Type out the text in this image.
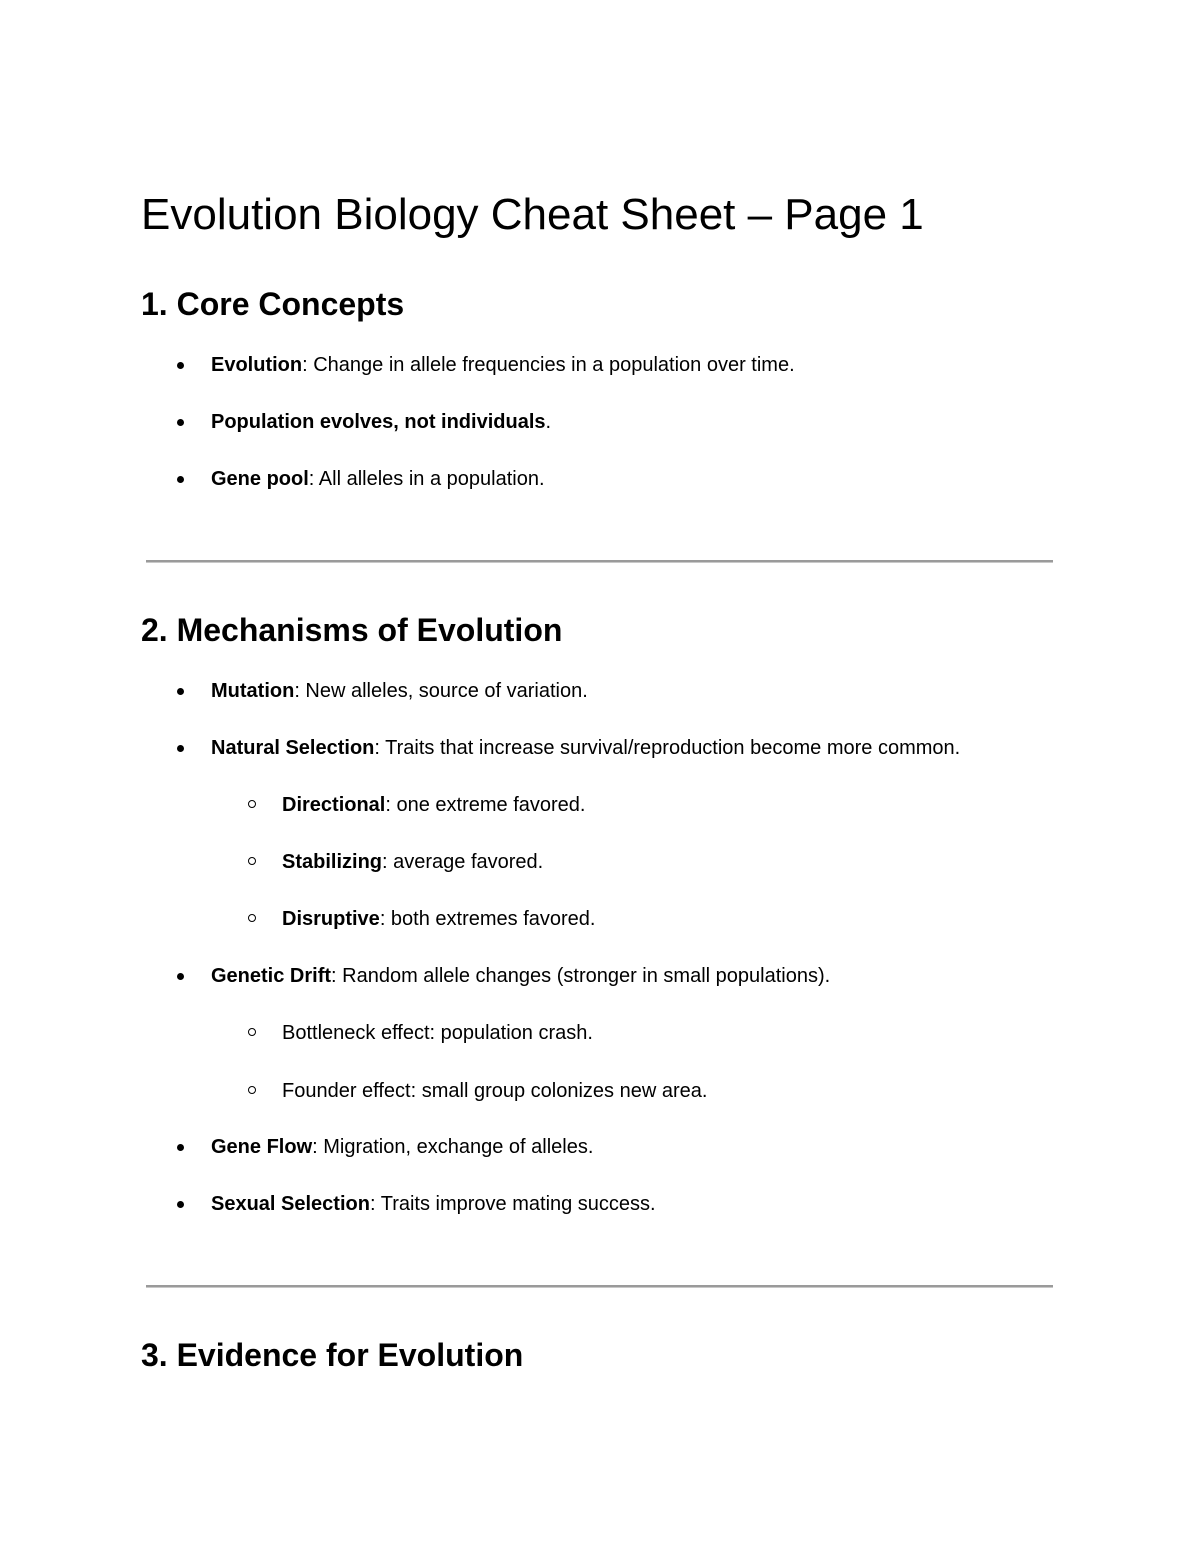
Evolution Biology Cheat Sheet – Page 1
1. Core Concepts
Evolution: Change in allele frequencies in a population over time.
Population evolves, not individuals.
Gene pool: All alleles in a population.
2. Mechanisms of Evolution
Mutation: New alleles, source of variation.
Natural Selection: Traits that increase survival/reproduction become more common.
Directional: one extreme favored.
Stabilizing: average favored.
Disruptive: both extremes favored.
Genetic Drift: Random allele changes (stronger in small populations).
Bottleneck effect: population crash.
Founder effect: small group colonizes new area.
Gene Flow: Migration, exchange of alleles.
Sexual Selection: Traits improve mating success.
3. Evidence for Evolution
